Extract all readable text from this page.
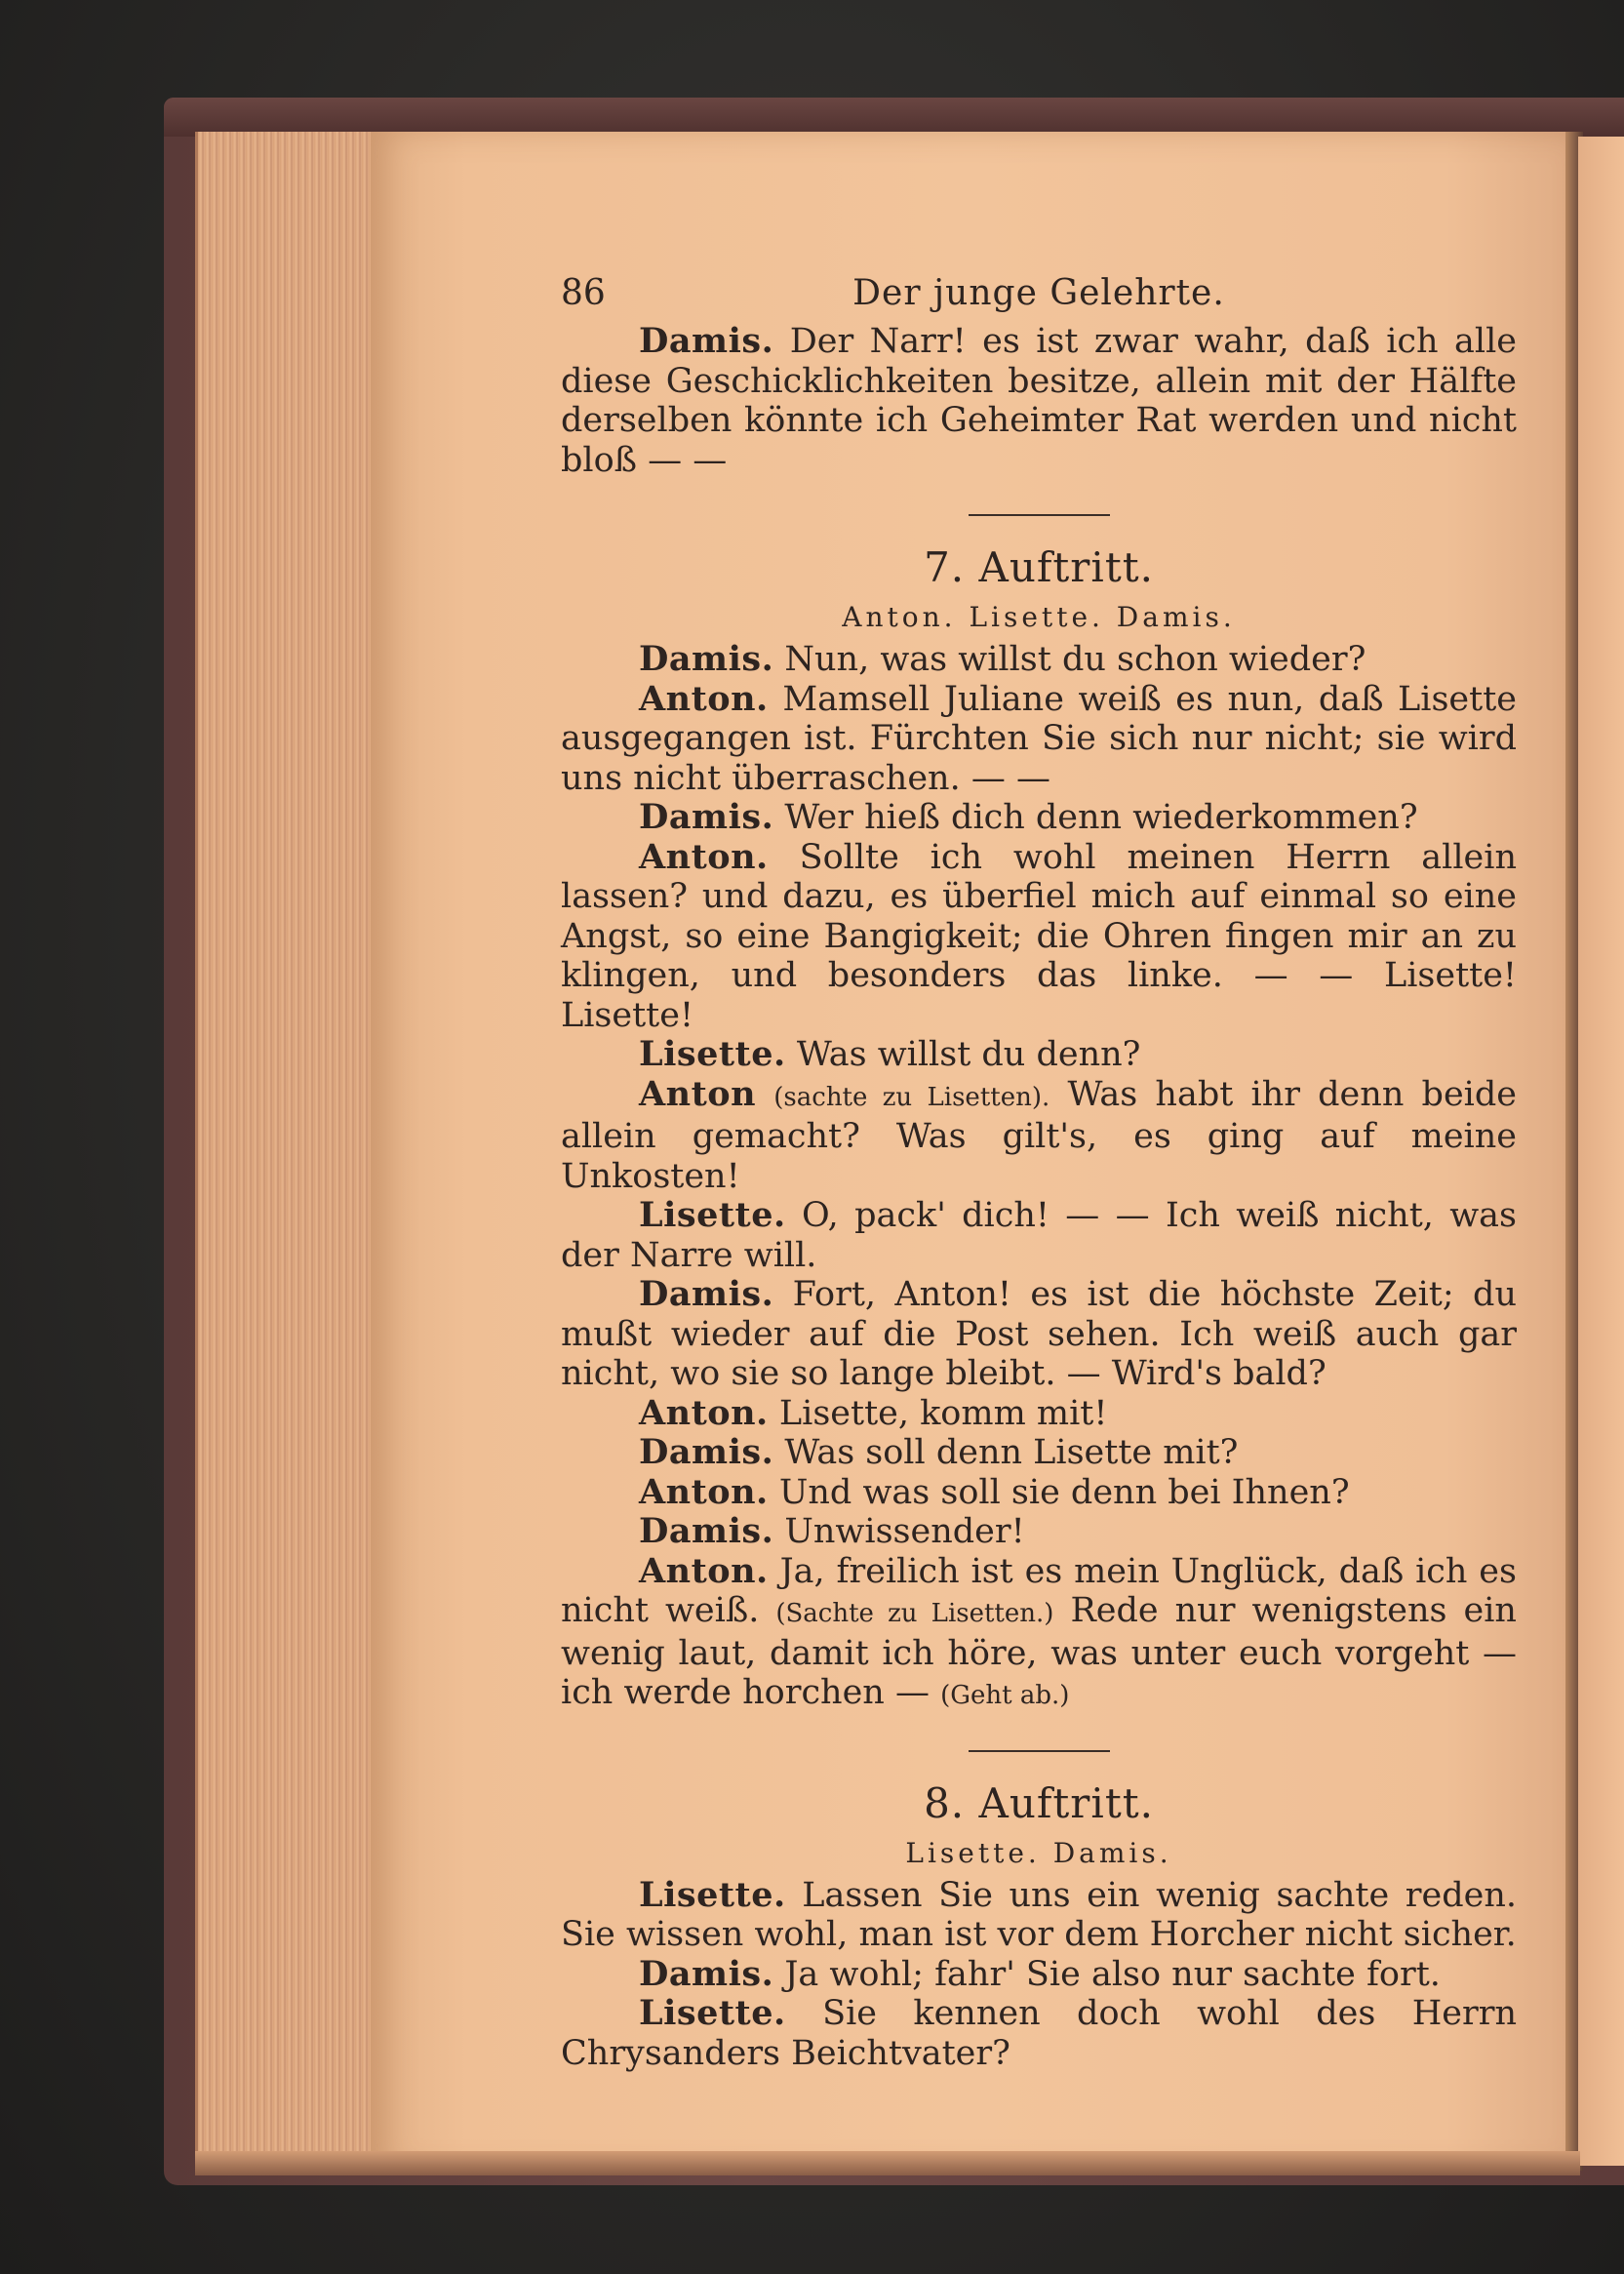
86	Der junge Gelehrte.

Damis. Der Narr! es ist zwar wahr, daß ich alle diese Geschicklichkeiten besitze, allein mit der Hälfte derselben könnte ich Geheimter Rat werden und nicht bloß — —

7. Auftritt.
Anton. Lisette. Damis.

Damis. Nun, was willst du schon wieder?

Anton. Mamsell Juliane weiß es nun, daß Lisette ausgegangen ist. Fürchten Sie sich nur nicht; sie wird uns nicht überraschen. — —

Damis. Wer hieß dich denn wiederkommen?

Anton. Sollte ich wohl meinen Herrn allein lassen? und dazu, es überfiel mich auf einmal so eine Angst, so eine Bangigkeit; die Ohren fingen mir an zu klingen, und besonders das linke. — — Lisette! Lisette!

Lisette. Was willst du denn?

Anton (sachte zu Lisetten). Was habt ihr denn beide allein gemacht? Was gilt's, es ging auf meine Unkosten!

Lisette. O, pack' dich! — — Ich weiß nicht, was der Narre will.

Damis. Fort, Anton! es ist die höchste Zeit; du mußt wieder auf die Post sehen. Ich weiß auch gar nicht, wo sie so lange bleibt. — Wird's bald?

Anton. Lisette, komm mit!

Damis. Was soll denn Lisette mit?

Anton. Und was soll sie denn bei Ihnen?

Damis. Unwissender!

Anton. Ja, freilich ist es mein Unglück, daß ich es nicht weiß. (Sachte zu Lisetten.) Rede nur wenigstens ein wenig laut, damit ich höre, was unter euch vorgeht — ich werde horchen — (Geht ab.)

8. Auftritt.
Lisette. Damis.

Lisette. Lassen Sie uns ein wenig sachte reden. Sie wissen wohl, man ist vor dem Horcher nicht sicher.

Damis. Ja wohl; fahr' Sie also nur sachte fort.

Lisette. Sie kennen doch wohl des Herrn Chrysanders Beichtvater?
